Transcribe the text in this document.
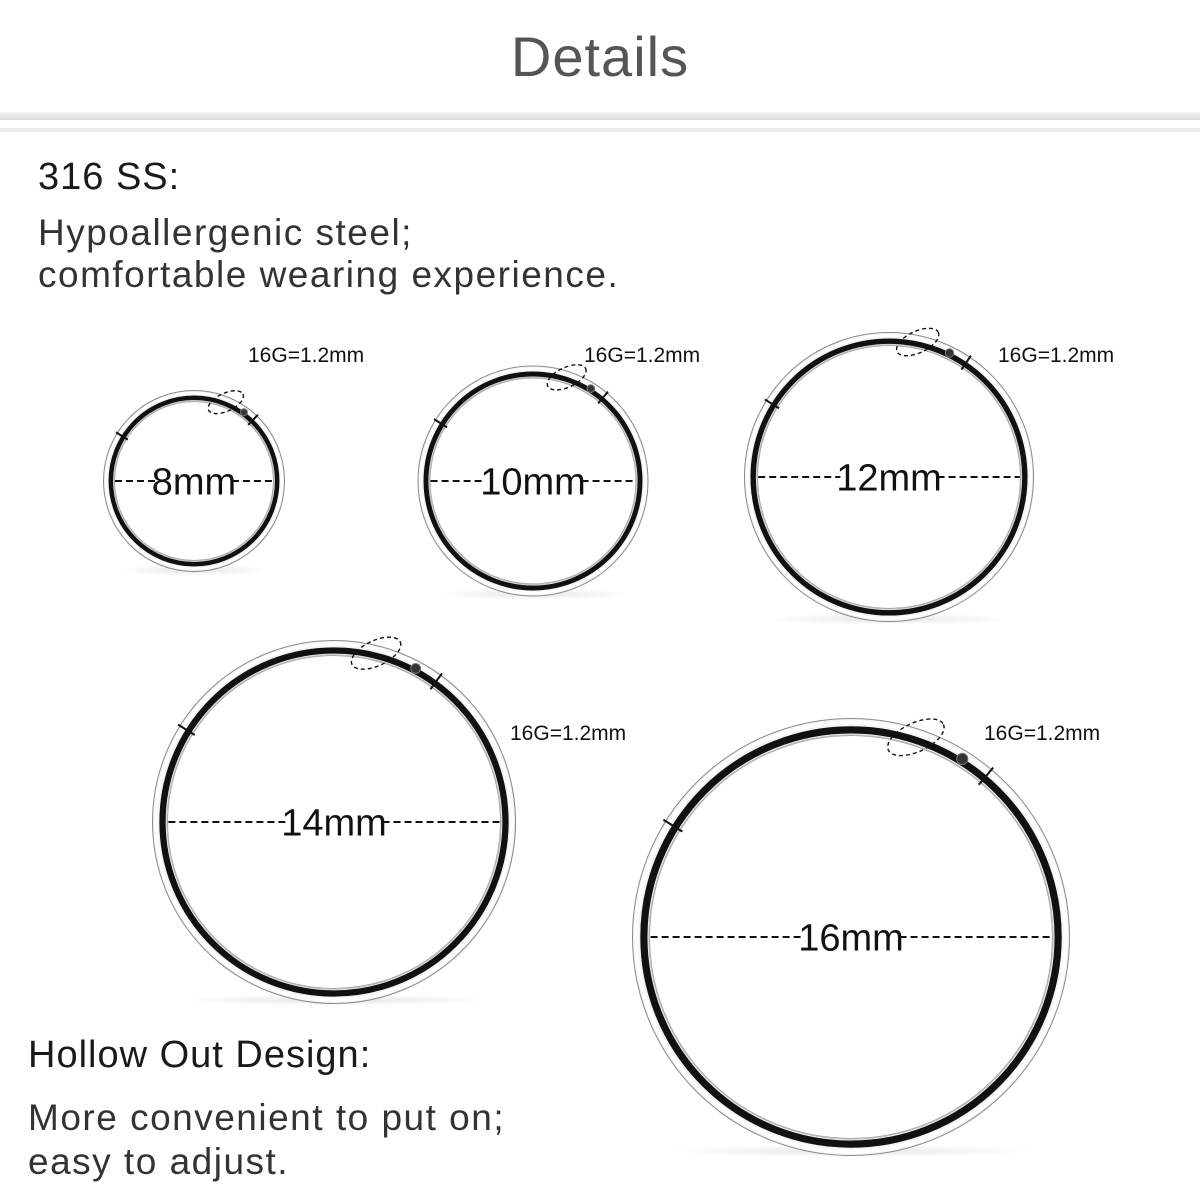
Details
316 SS:
Hypoallergenic steel;
comfortable wearing experience.
Hollow Out Design:
More convenient to put on;
easy to adjust.
16G=1.2mm
8mm
16G=1.2mm
10mm
16G=1.2mm
12mm
16G=1.2mm
14mm
16G=1.2mm
16mm
